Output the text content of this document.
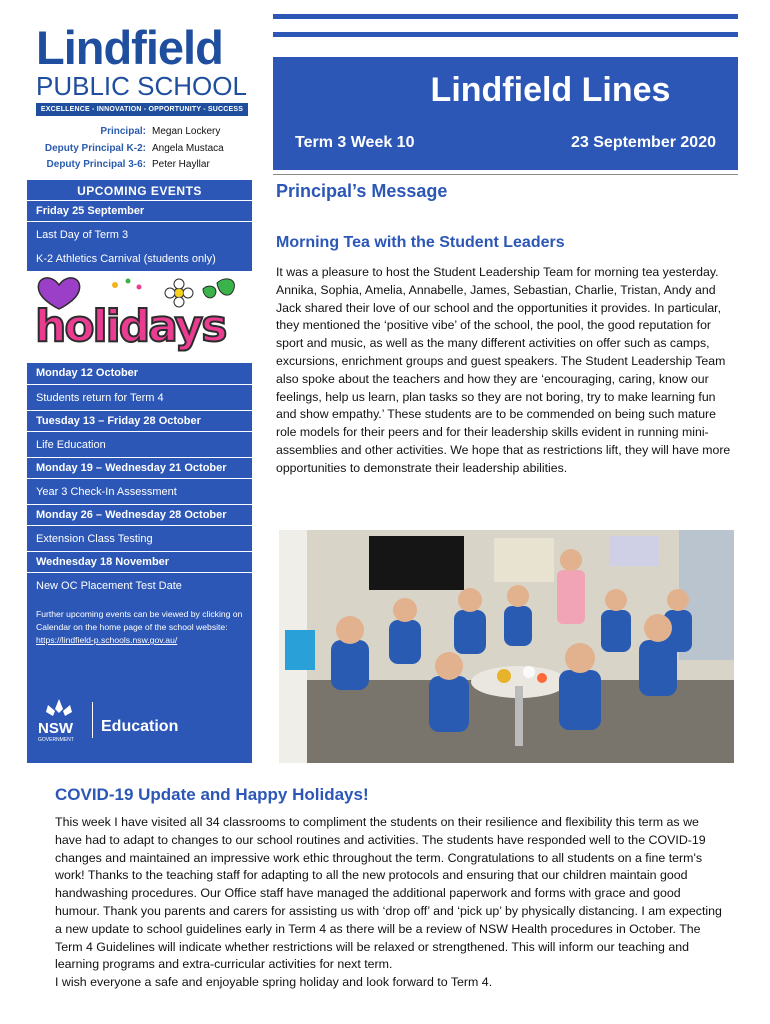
Lindfield
PUBLIC SCHOOL
EXCELLENCE - INNOVATION - OPPORTUNITY - SUCCESS
Principal: Megan Lockery
Deputy Principal K-2: Angela Mustaca
Deputy Principal 3-6: Peter Hayllar
Lindfield Lines
Term 3 Week 10	23 September 2020
UPCOMING EVENTS
Friday 25 September
Last Day of Term 3
K-2 Athletics Carnival (students only)
holidays
Monday 12 October
Students return for Term 4
Tuesday 13 – Friday 28 October
Life Education
Monday 19 – Wednesday 21 October
Year 3 Check-In Assessment
Monday 26 – Wednesday 28 October
Extension Class Testing
Wednesday 18 November
New OC Placement Test Date
Further upcoming events can be viewed by clicking on Calendar on the home page of the school website:
https://lindfield-p.schools.nsw.gov.au/
NSW
GOVERNMENT
Education
Principal’s Message
Morning Tea with the Student Leaders

It was a pleasure to host the Student Leadership Team for morning tea yesterday. Annika, Sophia, Amelia, Annabelle, James, Sebastian, Charlie, Tristan, Andy and Jack shared their love of our school and the opportunities it provides. In particular, they mentioned the ‘positive vibe’ of the school, the pool, the good reputation for sport and music, as well as the many different activities on offer such as camps, excursions, enrichment groups and guest speakers. The Student Leadership Team also spoke about the teachers and how they are ‘encouraging, caring, know our feelings, help us learn, plan tasks so they are not boring, try to make learning fun and show empathy.’ These students are to be commended on being such mature role models for their peers and for their leadership skills evident in running mini-assemblies and other activities. We hope that as restrictions lift, they will have more opportunities to demonstrate their leadership abilities.

COVID-19 Update and Happy Holidays!

This week I have visited all 34 classrooms to compliment the students on their resilience and flexibility this term as we have had to adapt to changes to our school routines and activities. The students have responded well to the COVID-19 changes and maintained an impressive work ethic throughout the term. Congratulations to all students on a fine term's work! Thanks to the teaching staff for adapting to all the new protocols and ensuring that our children maintain good handwashing procedures. Our Office staff have managed the additional paperwork and forms with grace and good humour. Thank you parents and carers for assisting us with ‘drop off’ and ‘pick up’ by physically distancing. I am expecting a new update to school guidelines early in Term 4 as there will be a review of NSW Health procedures in October. The Term 4 Guidelines will indicate whether restrictions will be relaxed or strengthened. This will inform our teaching and learning programs and extra-curricular activities for next term.

I wish everyone a safe and enjoyable spring holiday and look forward to Term 4.
